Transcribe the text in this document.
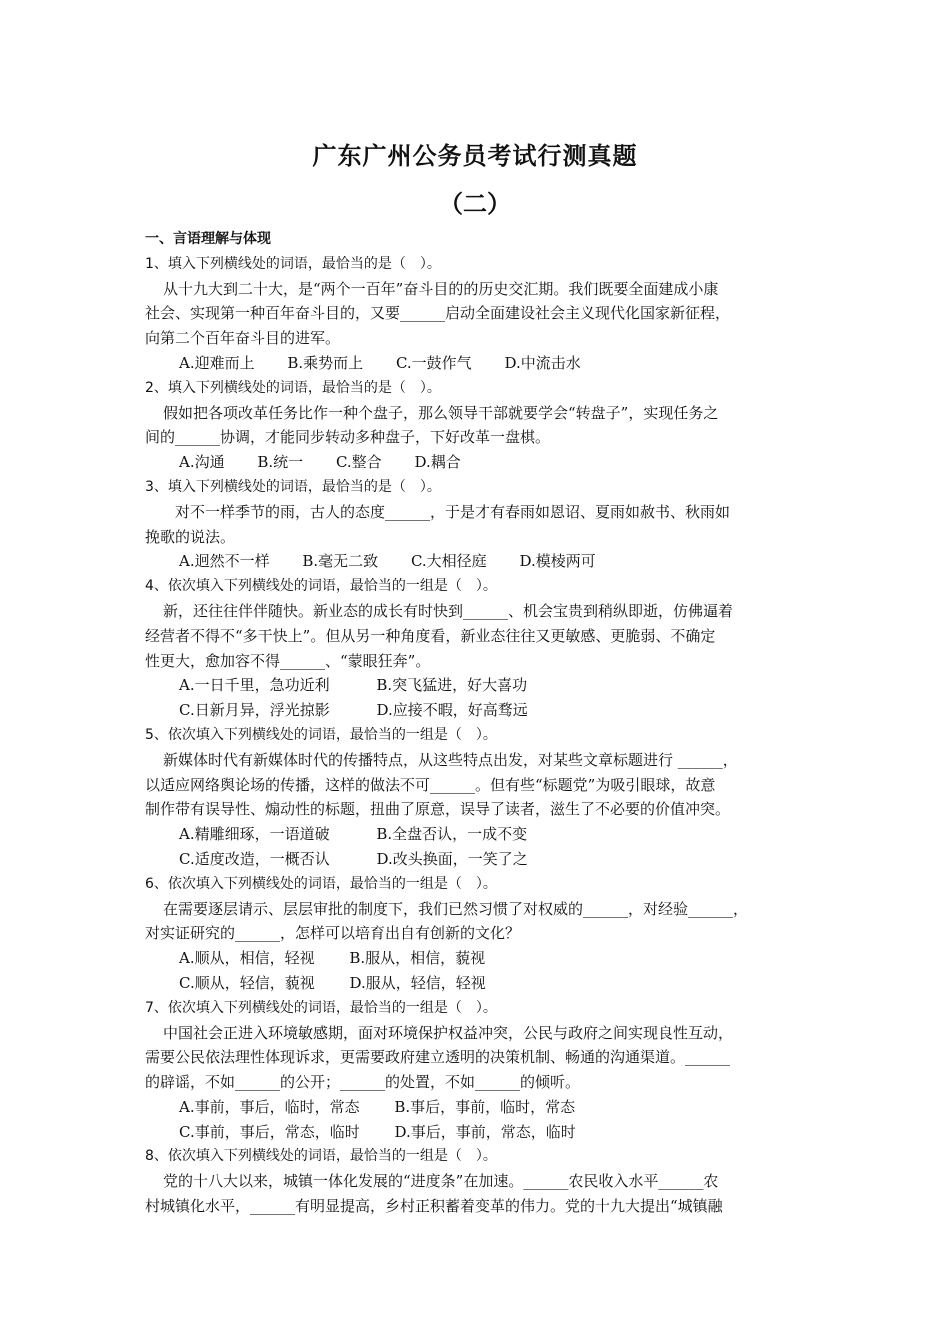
广东广州公务员考试行测真题
（二）
一、言语理解与体现
1、填入下列横线处的词语，最恰当的是（　）。
从十九大到二十大，是“两个一百年”奋斗目的的历史交汇期。我们既要全面建成小康
社会、实现第一种百年奋斗目的，又要______启动全面建设社会主义现代化国家新征程，
向第二个百年奋斗目的进军。
A.迎难而上 B.乘势而上 C.一鼓作气 D.中流击水
2、填入下列横线处的词语，最恰当的是（　）。
假如把各项改革任务比作一种个盘子，那么领导干部就要学会“转盘子”，实现任务之
间的______协调，才能同步转动多种盘子，下好改革一盘棋。
A.沟通 B.统一 C.整合 D.耦合
3、填入下列横线处的词语，最恰当的是（　）。
对不一样季节的雨，古人的态度______，于是才有春雨如恩诏、夏雨如赦书、秋雨如
挽歌的说法。
A.迥然不一样 B.毫无二致 C.大相径庭 D.模棱两可
4、依次填入下列横线处的词语，最恰当的一组是（　）。
新，还往往伴伴随快。新业态的成长有时快到______、机会宝贵到稍纵即逝，仿佛逼着
经营者不得不“多干快上”。但从另一种角度看，新业态往往又更敏感、更脆弱、不确定
性更大，愈加容不得______、“蒙眼狂奔”。
A.一日千里，急功近利	B.突飞猛进，好大喜功
C.日新月异，浮光掠影	D.应接不暇，好高骛远
5、依次填入下列横线处的词语，最恰当的一组是（　）。
新媒体时代有新媒体时代的传播特点，从这些特点出发，对某些文章标题进行 ______，
以适应网络舆论场的传播，这样的做法不可______。但有些“标题党”为吸引眼球，故意
制作带有误导性、煽动性的标题，扭曲了原意，误导了读者，滋生了不必要的价值冲突。
A.精雕细琢，一语道破	B.全盘否认，一成不变
C.适度改造，一概否认	D.改头换面，一笑了之
6、依次填入下列横线处的词语，最恰当的一组是（　）。
在需要逐层请示、层层审批的制度下，我们已然习惯了对权威的______，对经验______，
对实证研究的______，怎样可以培育出自有创新的文化？
A.顺从，相信，轻视 B.服从，相信，藐视
C.顺从，轻信，藐视 D.服从，轻信，轻视
7、依次填入下列横线处的词语，最恰当的一组是（　）。
中国社会正进入环境敏感期，面对环境保护权益冲突，公民与政府之间实现良性互动，
需要公民依法理性体现诉求，更需要政府建立透明的决策机制、畅通的沟通渠道。______
的辟谣，不如______的公开；______的处置，不如______的倾听。
A.事前，事后，临时，常态 B.事后，事前，临时，常态
C.事前，事后，常态，临时 D.事后，事前，常态，临时
8、依次填入下列横线处的词语，最恰当的一组是（　）。
党的十八大以来，城镇一体化发展的“进度条”在加速。______农民收入水平______农
村城镇化水平，______有明显提高，乡村正积蓄着变革的伟力。党的十九大提出“城镇融
